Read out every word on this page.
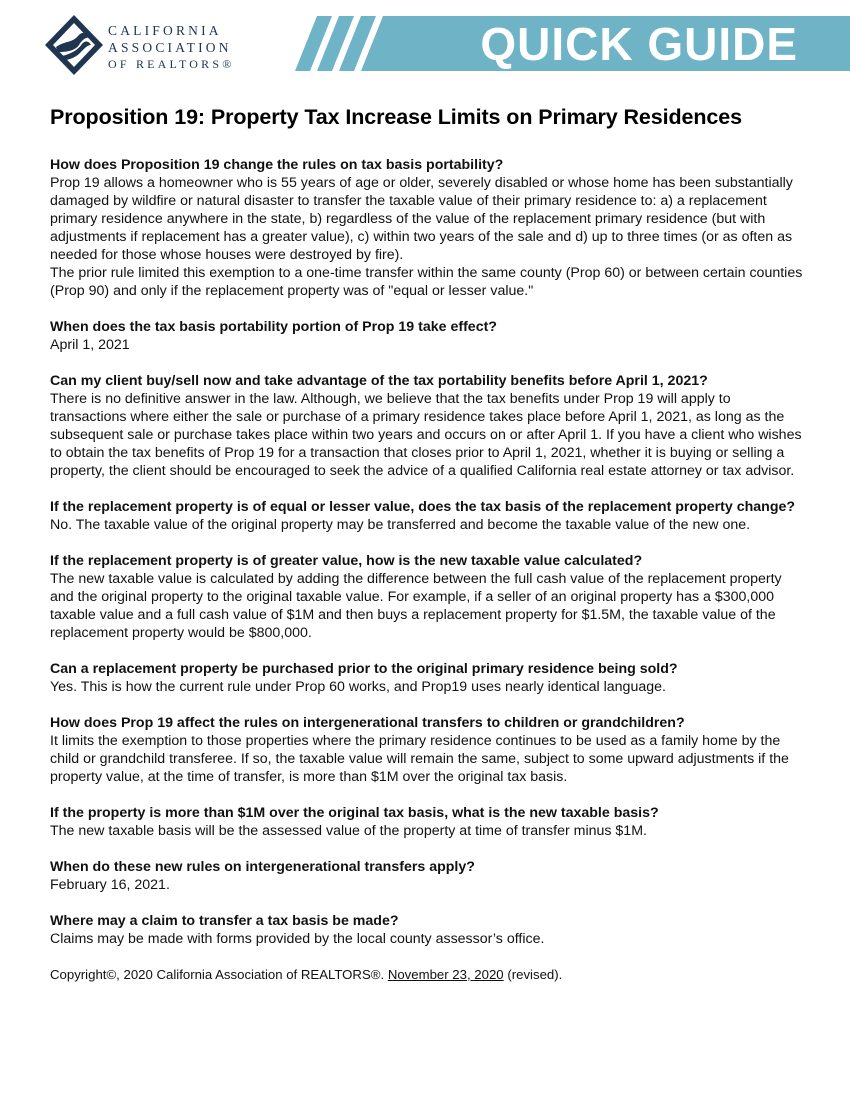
CALIFORNIA
ASSOCIATION
OF REALTORS®	QUICK GUIDE
Proposition 19: Property Tax Increase Limits on Primary Residences

How does Proposition 19 change the rules on tax basis portability?

Prop 19 allows a homeowner who is 55 years of age or older, severely disabled or whose home has been substantially damaged by wildfire or natural disaster to transfer the taxable value of their primary residence to: a) a replacement primary residence anywhere in the state, b) regardless of the value of the replacement primary residence (but with adjustments if replacement has a greater value), c) within two years of the sale and d) up to three times (or as often as needed for those whose houses were destroyed by fire).

The prior rule limited this exemption to a one-time transfer within the same county (Prop 60) or between certain counties (Prop 90) and only if the replacement property was of "equal or lesser value."

When does the tax basis portability portion of Prop 19 take effect?

April 1, 2021

Can my client buy/sell now and take advantage of the tax portability benefits before April 1, 2021?

There is no definitive answer in the law. Although, we believe that the tax benefits under Prop 19 will apply to transactions where either the sale or purchase of a primary residence takes place before April 1, 2021, as long as the subsequent sale or purchase takes place within two years and occurs on or after April 1. If you have a client who wishes to obtain the tax benefits of Prop 19 for a transaction that closes prior to April 1, 2021, whether it is buying or selling a property, the client should be encouraged to seek the advice of a qualified California real estate attorney or tax advisor.

If the replacement property is of equal or lesser value, does the tax basis of the replacement property change?

No. The taxable value of the original property may be transferred and become the taxable value of the new one.

If the replacement property is of greater value, how is the new taxable value calculated?

The new taxable value is calculated by adding the difference between the full cash value of the replacement property and the original property to the original taxable value. For example, if a seller of an original property has a $300,000 taxable value and a full cash value of $1M and then buys a replacement property for $1.5M, the taxable value of the replacement property would be $800,000.

Can a replacement property be purchased prior to the original primary residence being sold?

Yes. This is how the current rule under Prop 60 works, and Prop19 uses nearly identical language.

How does Prop 19 affect the rules on intergenerational transfers to children or grandchildren?

It limits the exemption to those properties where the primary residence continues to be used as a family home by the child or grandchild transferee. If so, the taxable value will remain the same, subject to some upward adjustments if the property value, at the time of transfer, is more than $1M over the original tax basis.

If the property is more than $1M over the original tax basis, what is the new taxable basis?

The new taxable basis will be the assessed value of the property at time of transfer minus $1M.

When do these new rules on intergenerational transfers apply?

February 16, 2021.

Where may a claim to transfer a tax basis be made?

Claims may be made with forms provided by the local county assessor’s office.

Copyright©, 2020 California Association of REALTORS®. November 23, 2020 (revised).
